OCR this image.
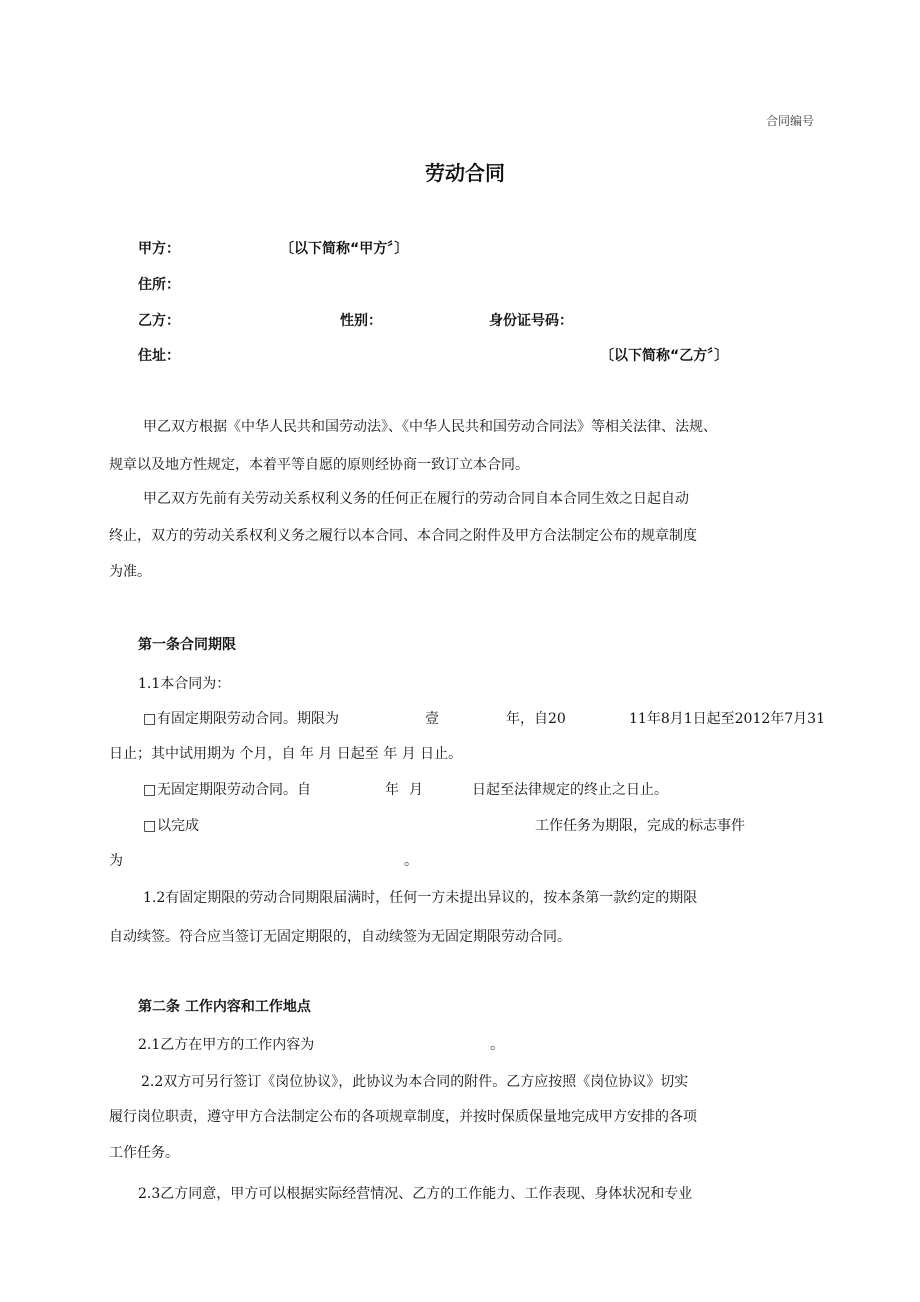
合同编号
劳动合同
甲方：	〔以下简称“甲方〞〕
住所：
乙方：	性别：	身份证号码：
住址：	〔以下简称“乙方〞〕
甲乙双方根据《中华人民共和国劳动法》、《中华人民共和国劳动合同法》等相关法律、法规、
规章以及地方性规定，本着平等自愿的原则经协商一致订立本合同。
甲乙双方先前有关劳动关系权利义务的任何正在履行的劳动合同自本合同生效之日起自动
终止，双方的劳动关系权利义务之履行以本合同、本合同之附件及甲方合法制定公布的规章制度
为准。
第一条合同期限
1.1本合同为：
□ 有固定期限劳动合同。期限为	壹	年，自20	11年8月1日起至2012年7月31
日止；其中试用期为 个月，自 年 月 日起至 年 月 日止。
□ 无固定期限劳动合同。自	年 月	日起至法律规定的终止之日止。
□ 以完成	工作任务为期限，完成的标志事件
为	。
1.2有固定期限的劳动合同期限届满时，任何一方未提出异议的，按本条第一款约定的期限
自动续签。符合应当签订无固定期限的，自动续签为无固定期限劳动合同。
第二条 工作内容和工作地点
2.1乙方在甲方的工作内容为	。
2.2双方可另行签订《岗位协议》，此协议为本合同的附件。乙方应按照《岗位协议》切实
履行岗位职责，遵守甲方合法制定公布的各项规章制度，并按时保质保量地完成甲方安排的各项
工作任务。
2.3乙方同意，甲方可以根据实际经营情况、乙方的工作能力、工作表现、身体状况和专业
